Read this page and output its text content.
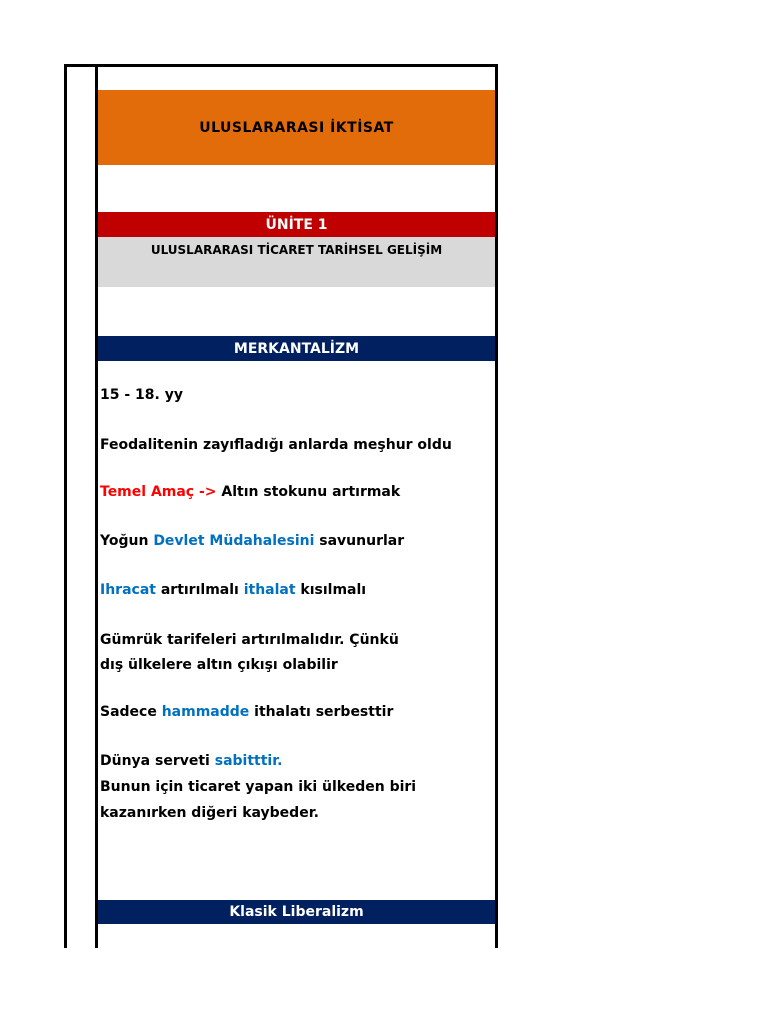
ULUSLARARASI İKTİSAT
ÜNİTE 1
ULUSLARARASI TİCARET TARİHSEL GELİŞİM
MERKANTALİZM
15 - 18. yy
Feodalitenin zayıfladığı anlarda meşhur oldu
Temel Amaç -> Altın stokunu artırmak
Yoğun Devlet Müdahalesini savunurlar
Ihracat artırılmalı ithalat kısılmalı
Gümrük tarifeleri artırılmalıdır. Çünkü
dış ülkelere altın çıkışı olabilir
Sadece hammadde ithalatı serbesttir
Dünya serveti sabitttir.
Bunun için ticaret yapan iki ülkeden biri
kazanırken diğeri kaybeder.
Klasik Liberalizm
